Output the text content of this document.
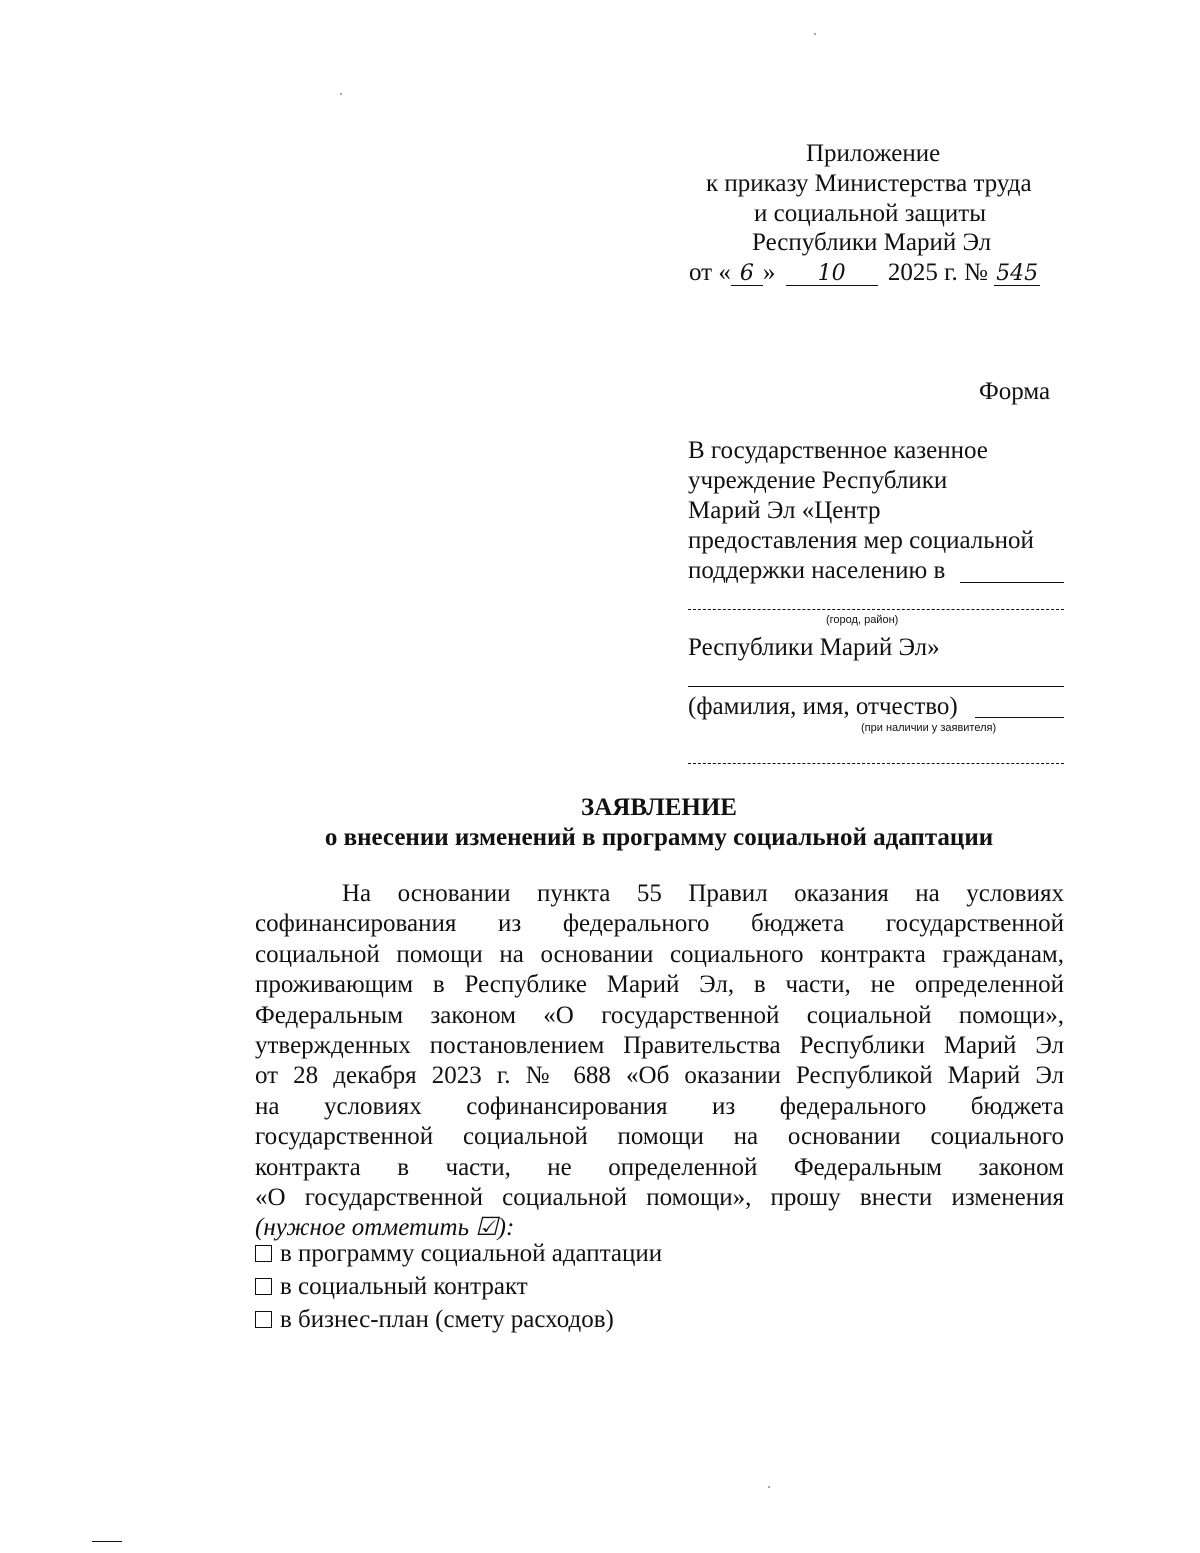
Приложение
к приказу Министерства труда
и социальной защиты
Республики Марий Эл
от « 6 » 10 2025 г. № 545
Форма
В государственное казенное
учреждение Республики
Марий Эл «Центр
предоставления мер социальной
поддержки населению в
(город, район)
Республики Марий Эл»
(фамилия, имя, отчество)
(при наличии у заявителя)
ЗАЯВЛЕНИЕ
о внесении изменений в программу социальной адаптации
На основании пункта 55 Правил оказания на условиях
софинансирования из федерального бюджета государственной
социальной помощи на основании социального контракта гражданам,
проживающим в Республике Марий Эл, в части, не определенной
Федеральным законом «О государственной социальной помощи»,
утвержденных постановлением Правительства Республики Марий Эл
от 28 декабря 2023 г. № 688 «Об оказании Республикой Марий Эл
на условиях софинансирования из федерального бюджета
государственной социальной помощи на основании социального
контракта в части, не определенной Федеральным законом
«О государственной социальной помощи», прошу внести изменения
(нужное отметить ☑):
в программу социальной адаптации
в социальный контракт
в бизнес-план (смету расходов)
